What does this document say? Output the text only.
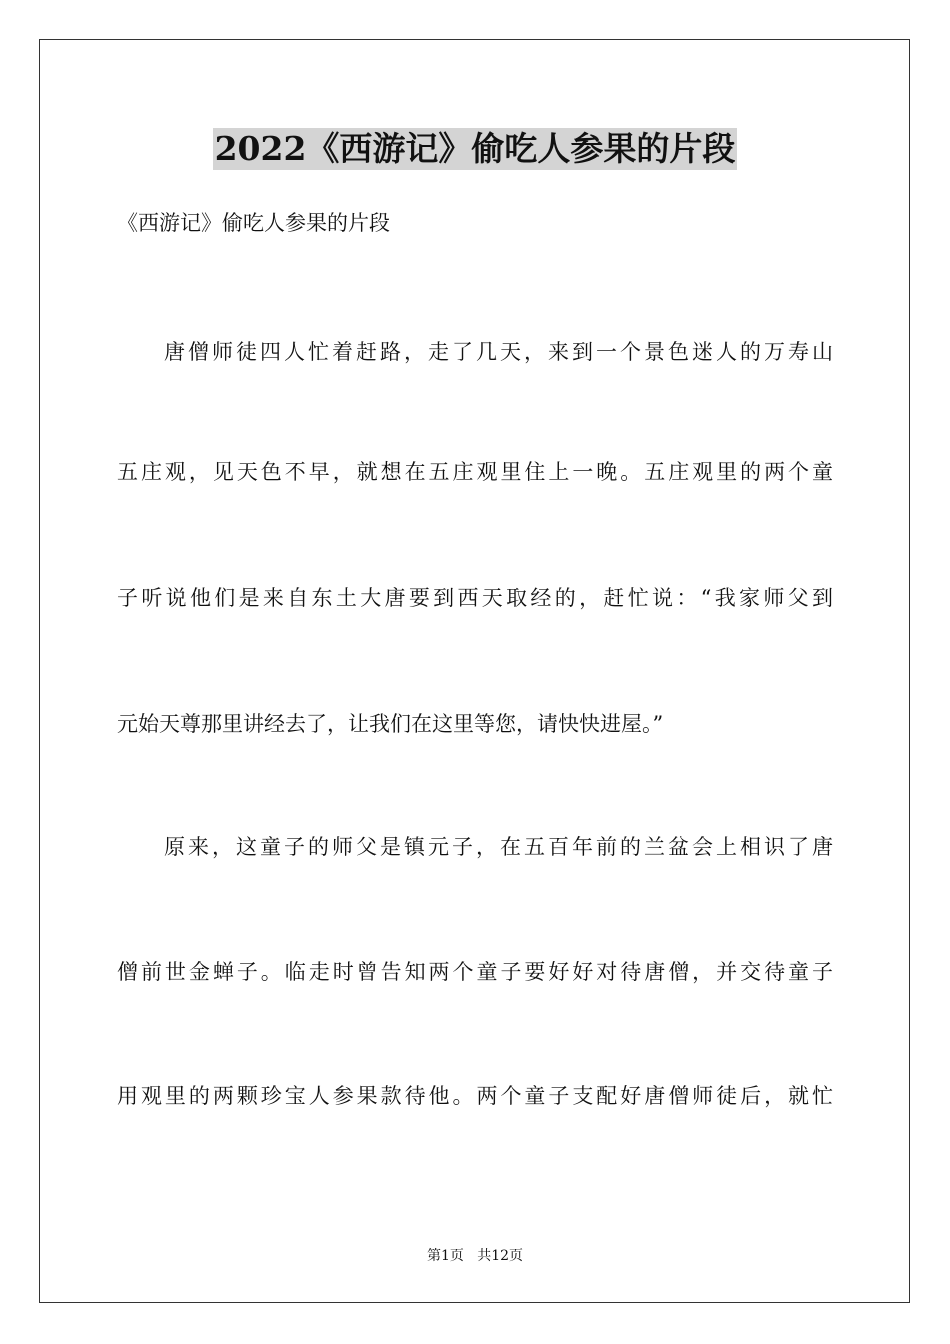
2022《西游记》偷吃人参果的片段
《西游记》偷吃人参果的片段
唐僧师徒四人忙着赶路，走了几天，来到一个景色迷人的万寿山
五庄观，见天色不早，就想在五庄观里住上一晚。五庄观里的两个童
子听说他们是来自东土大唐要到西天取经的，赶忙说：“我家师父到
元始天尊那里讲经去了，让我们在这里等您，请快快进屋。”
原来，这童子的师父是镇元子，在五百年前的兰盆会上相识了唐
僧前世金蝉子。临走时曾告知两个童子要好好对待唐僧，并交待童子
用观里的两颗珍宝人参果款待他。两个童子支配好唐僧师徒后，就忙
第1页   共12页
